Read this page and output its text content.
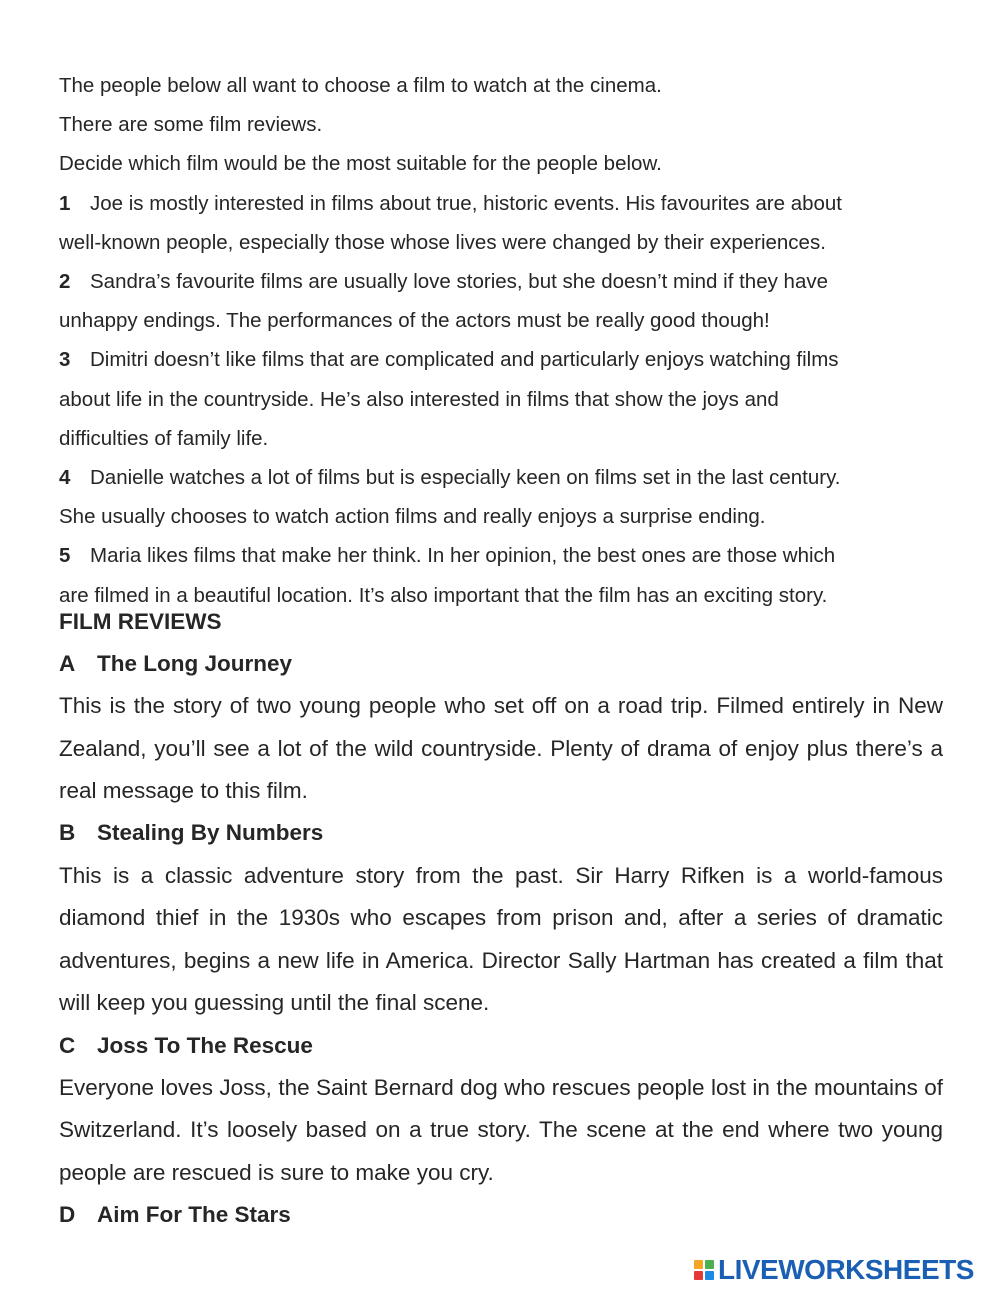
The people below all want to choose a film to watch at the cinema.

There are some film reviews.

Decide which film would be the most suitable for the people below.

1 Joe is mostly interested in films about true, historic events. His favourites are about

well-known people, especially those whose lives were changed by their experiences.

2 Sandra’s favourite films are usually love stories, but she doesn’t mind if they have

unhappy endings. The performances of the actors must be really good though!

3 Dimitri doesn’t like films that are complicated and particularly enjoys watching films

about life in the countryside. He’s also interested in films that show the joys and

difficulties of family life.

4 Danielle watches a lot of films but is especially keen on films set in the last century.

She usually chooses to watch action films and really enjoys a surprise ending.

5 Maria likes films that make her think. In her opinion, the best ones are those which

are filmed in a beautiful location. It’s also important that the film has an exciting story.

FILM REVIEWS

A The Long Journey

This is the story of two young people who set off on a road trip. Filmed entirely in New Zealand, you’ll see a lot of the wild countryside. Plenty of drama of enjoy plus there’s a real message to this film.

B Stealing By Numbers

This is a classic adventure story from the past. Sir Harry Rifken is a world-famous diamond thief in the 1930s who escapes from prison and, after a series of dramatic adventures, begins a new life in America. Director Sally Hartman has created a film that will keep you guessing until the final scene.

C Joss To The Rescue

Everyone loves Joss, the Saint Bernard dog who rescues people lost in the mountains of Switzerland. It’s loosely based on a true story. The scene at the end where two young people are rescued is sure to make you cry.

D Aim For The Stars

LIVEWORKSHEETS
